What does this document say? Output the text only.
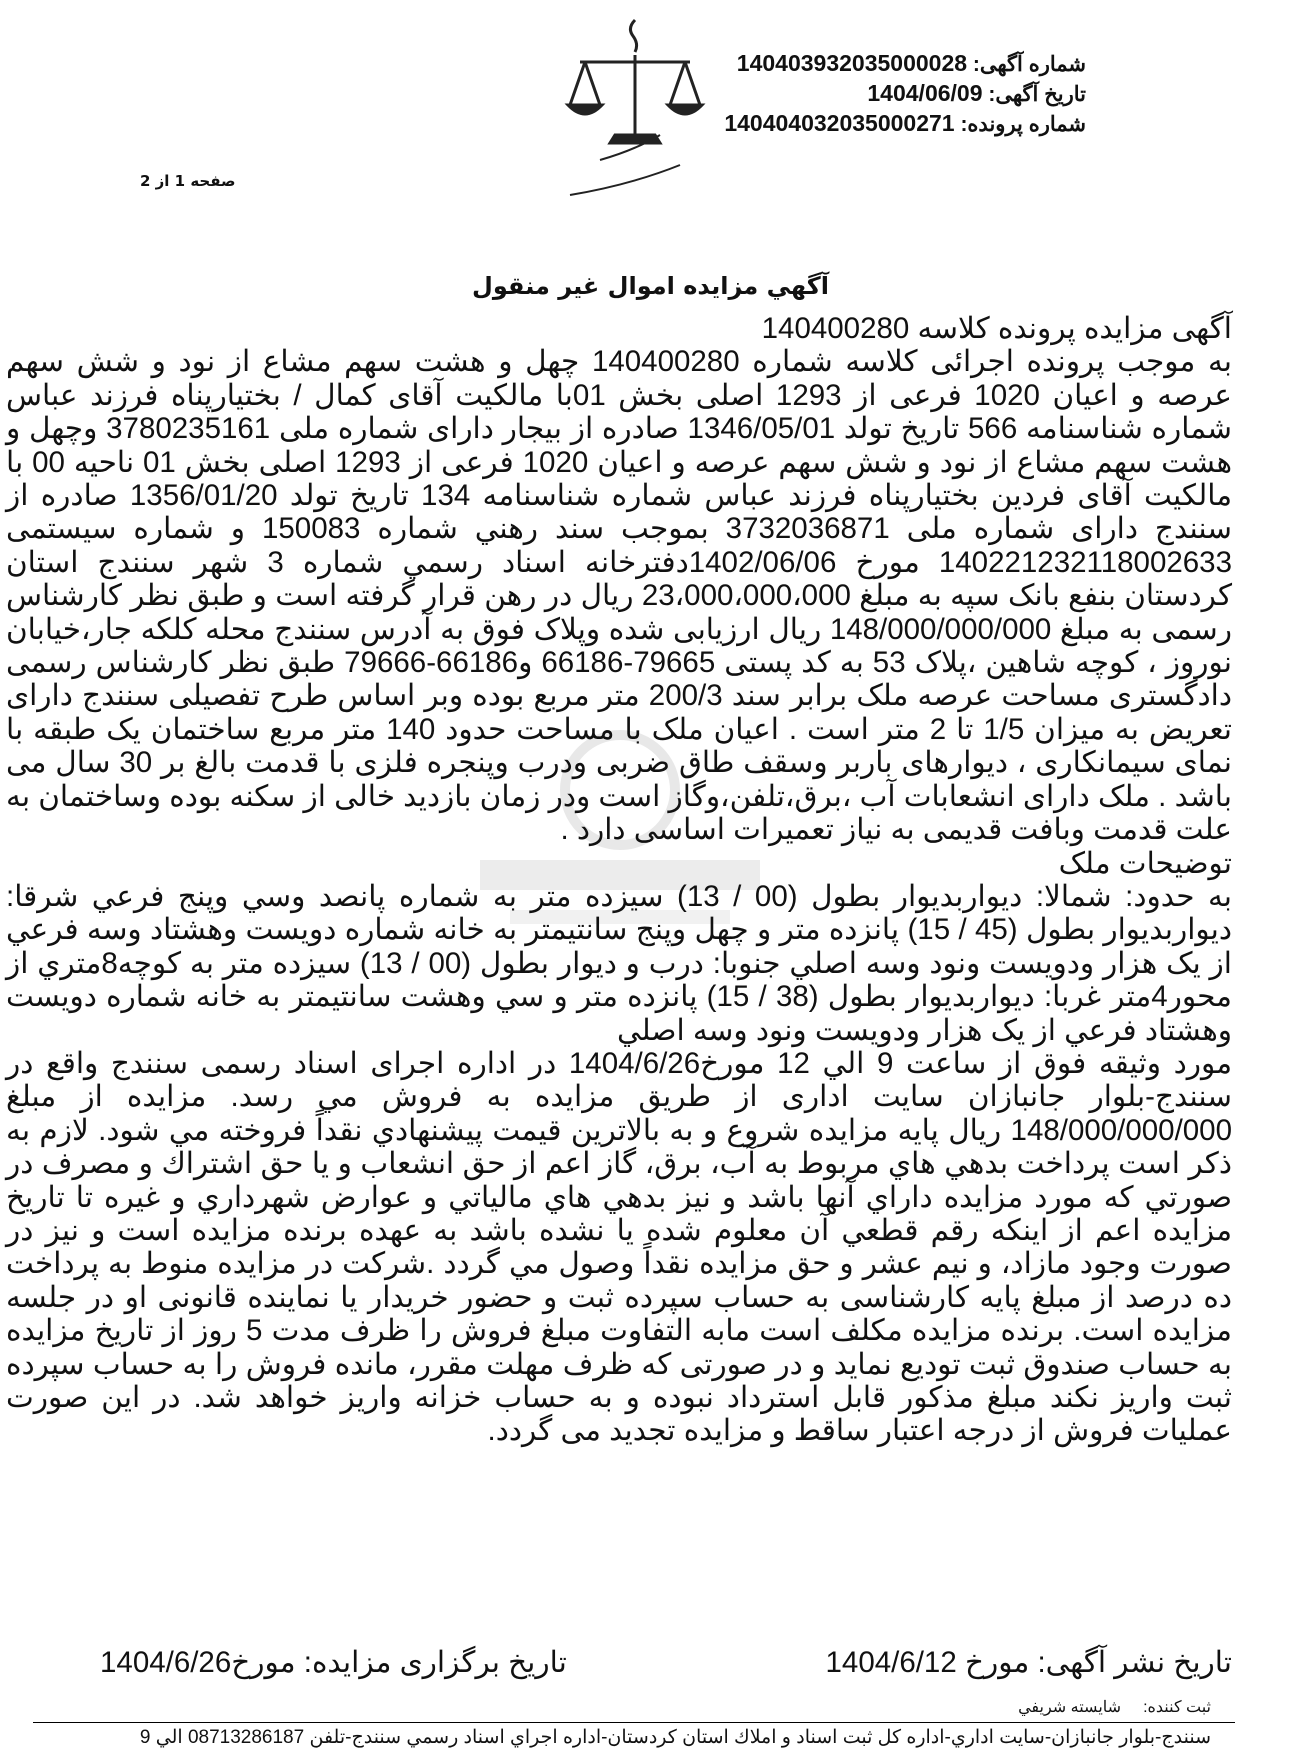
شماره آگهی: 140403932035000028
تاریخ آگهی: 1404/06/09
شماره پرونده: 140404032035000271
صفحه 1 از 2
آگهي مزايده اموال غير منقول

آگهی مزایده پرونده کلاسه 140400280

به موجب پرونده اجرائی کلاسه شماره 140400280 چهل و هشت سهم مشاع از نود و شش سهم عرصه و اعیان 1020 فرعی از 1293 اصلی بخش 01با مالکیت آقای کمال / بختیارپناه فرزند عباس شماره شناسنامه 566 تاریخ تولد 1346/05/01 صادره از بیجار دارای شماره ملی 3780235161 وچهل و هشت سهم مشاع از نود و شش سهم عرصه و اعیان 1020 فرعی از 1293 اصلی بخش 01 ناحیه 00 با مالکیت آقای فردین بختیارپناه فرزند عباس شماره شناسنامه 134 تاریخ تولد 1356/01/20 صادره از سنندج دارای شماره ملی 3732036871 بموجب سند رهني شماره 150083 و شماره سیستمی 140221232118002633 مورخ 1402/06/06دفترخانه اسناد رسمي شماره 3 شهر سنندج استان کردستان بنفع بانک سپه به مبلغ 23،000،000،000 ریال در رهن قرار گرفته است و طبق نظر کارشناس رسمی به مبلغ 148/000/000/000 ریال ارزیابی شده وپلاک فوق به آدرس سنندج محله کلکه جار،خیابان نوروز ، کوچه شاهین ،پلاک 53 به کد پستی 79665-66186 و66186-79666 طبق نظر کارشناس رسمی دادگستری مساحت عرصه ملک برابر سند 200/3 متر مربع بوده وبر اساس طرح تفصیلی سنندج دارای تعریض به میزان 1/5 تا 2 متر است . اعیان ملک با مساحت حدود 140 متر مربع ساختمان یک طبقه با نمای سیمانکاری ، دیوارهای باربر وسقف طاق ضربی ودرب وپنجره فلزی با قدمت بالغ بر 30 سال می باشد . ملک دارای انشعابات آب ،برق،تلفن،وگاز است ودر زمان بازدید خالی از سکنه بوده وساختمان به علت قدمت وبافت قدیمی به نیاز تعمیرات اساسی دارد .

توضیحات ملک

به حدود: شمالا: دیواربدیوار بطول (00 / 13) سیزده متر به شماره پانصد وسي وپنج فرعي شرقا: دیواربدیوار بطول (45 / 15) پانزده متر و چهل وپنج سانتیمتر به خانه شماره دویست وهشتاد وسه فرعي از یک هزار ودویست ونود وسه اصلي جنوبا: درب و دیوار بطول (00 / 13) سیزده متر به کوچه8متري از محور4متر غربا: دیواربدیوار بطول (38 / 15) پانزده متر و سي وهشت سانتیمتر به خانه شماره دویست وهشتاد فرعي از یک هزار ودویست ونود وسه اصلي

مورد وثیقه فوق از ساعت 9 الي 12 مورخ1404/6/26 در اداره اجرای اسناد رسمی سنندج واقع در سنندج-بلوار جانبازان سایت اداری از طریق مزایده به فروش مي رسد. مزایده از مبلغ 148/000/000/000 ریال پایه مزایده شروع و به بالاترین قیمت پیشنهادي نقداً فروخته مي شود. لازم به ذکر است پرداخت بدهي هاي مربوط به آب، برق، گاز اعم از حق انشعاب و یا حق اشتراك و مصرف در صورتي كه مورد مزایده داراي آنها باشد و نیز بدهي هاي مالیاتي و عوارض شهرداري و غیره تا تاریخ مزایده اعم از اینكه رقم قطعي آن معلوم شده یا نشده باشد به عهده برنده مزایده است و نیز در صورت وجود مازاد، و نیم عشر و حق مزایده نقداً وصول مي گردد .شرکت در مزایده منوط به پرداخت ده درصد از مبلغ پایه کارشناسی به حساب سپرده ثبت و حضور خریدار یا نماینده قانونی او در جلسه مزایده است. برنده مزایده مکلف است مابه التفاوت مبلغ فروش را ظرف مدت 5 روز از تاریخ مزایده به حساب صندوق ثبت تودیع نماید و در صورتی که ظرف مهلت مقرر، مانده فروش را به حساب سپرده ثبت واریز نکند مبلغ مذکور قابل استرداد نبوده و به حساب خزانه واریز خواهد شد. در این صورت عملیات فروش از درجه اعتبار ساقط و مزایده تجدید می گردد.

تاریخ نشر آگهی: مورخ 1404/6/12
تاریخ برگزاری مزایده: مورخ1404/6/26
ثبت کننده:شایسته شریفي
سنندج-بلوار جانبازان-سایت اداري-اداره كل ثبت اسناد و املاك استان كردستان-اداره اجراي اسناد رسمي سنندج-تلفن 08713286187 الي 9
